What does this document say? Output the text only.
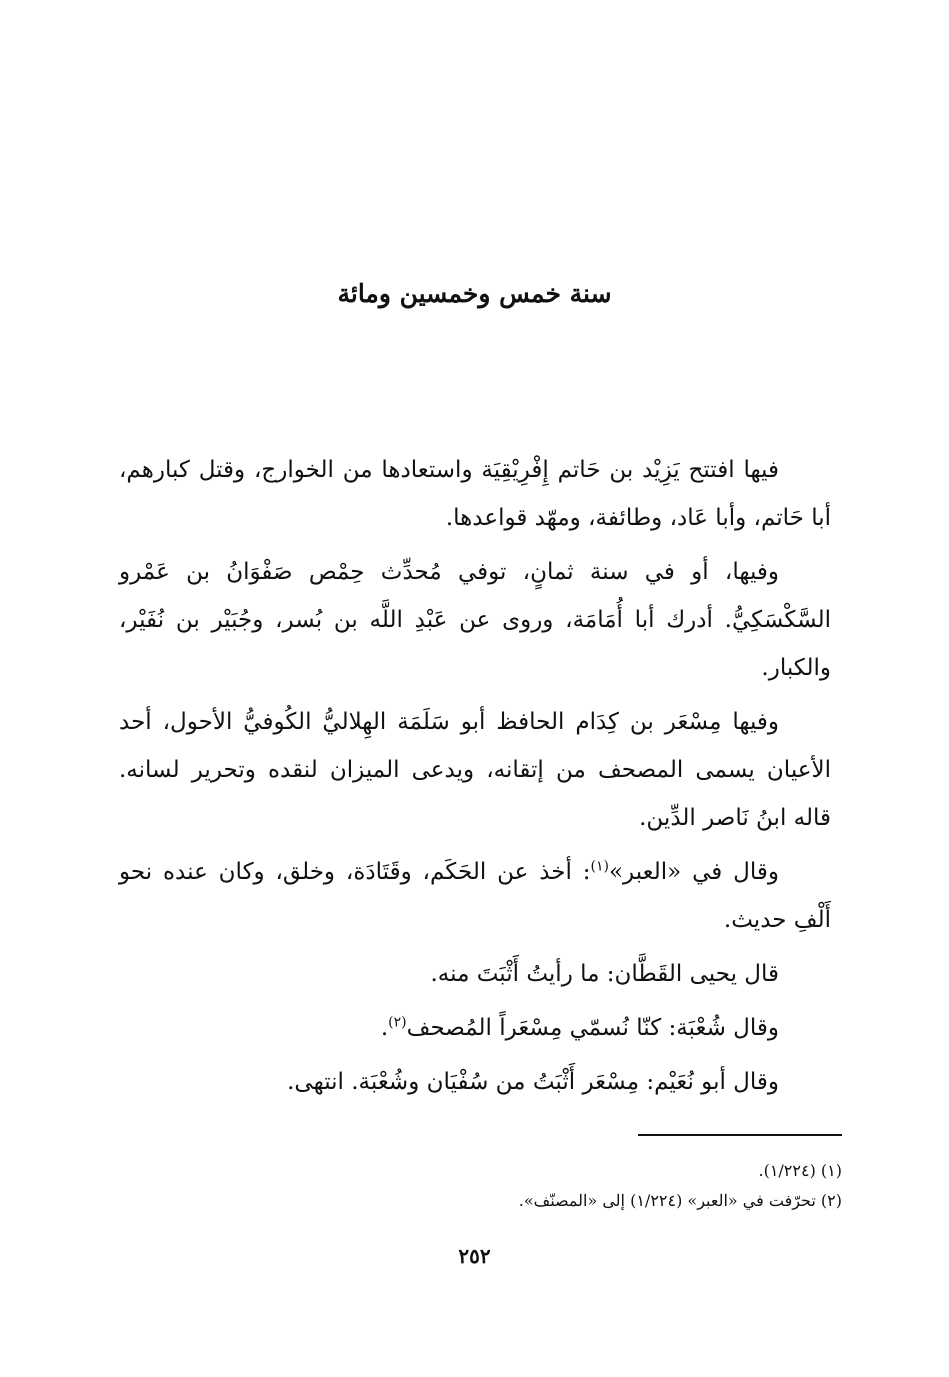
سنة خمس وخمسين ومائة

فيها افتتح يَزِيْد بن حَاتم إِفْرِيْقِيَة واستعادها من الخوارج، وقتل كبارهم، أبا حَاتم، وأبا عَاد، وطائفة، ومهّد قواعدها.

وفيها، أو في سنة ثمانٍ، توفي مُحدِّث حِمْص صَفْوَانُ بن عَمْرو السَّكْسَكِيُّ. أدرك أبا أُمَامَة، وروى عن عَبْدِ اللَّه بن بُسر، وجُبَيْر بن نُفَيْر، والكبار.

وفيها مِسْعَر بن كِدَام الحافظ أبو سَلَمَة الهِلاليُّ الكُوفيُّ الأحول، أحد الأعيان يسمى المصحف من إتقانه، ويدعى الميزان لنقده وتحرير لسانه. قاله ابنُ نَاصر الدِّين.

وقال في «العبر»$^{(١)}$: أخذ عن الحَكَم، وقَتَادَة، وخلق، وكان عنده نحو أَلْفِ حديث.

قال يحيى القَطَّان: ما رأيتُ أَثْبَتَ منه.

وقال شُعْبَة: كنّا نُسمّي مِسْعَراً المُصحف$^{(٢)}$.

وقال أبو نُعَيْم: مِسْعَر أَثْبَتُ من سُفْيَان وشُعْبَة. انتهى.

(١) (١/٢٢٤).

(٢) تحرّفت في «العبر» (١/٢٢٤) إلى «المصنّف».

٢٥٢
